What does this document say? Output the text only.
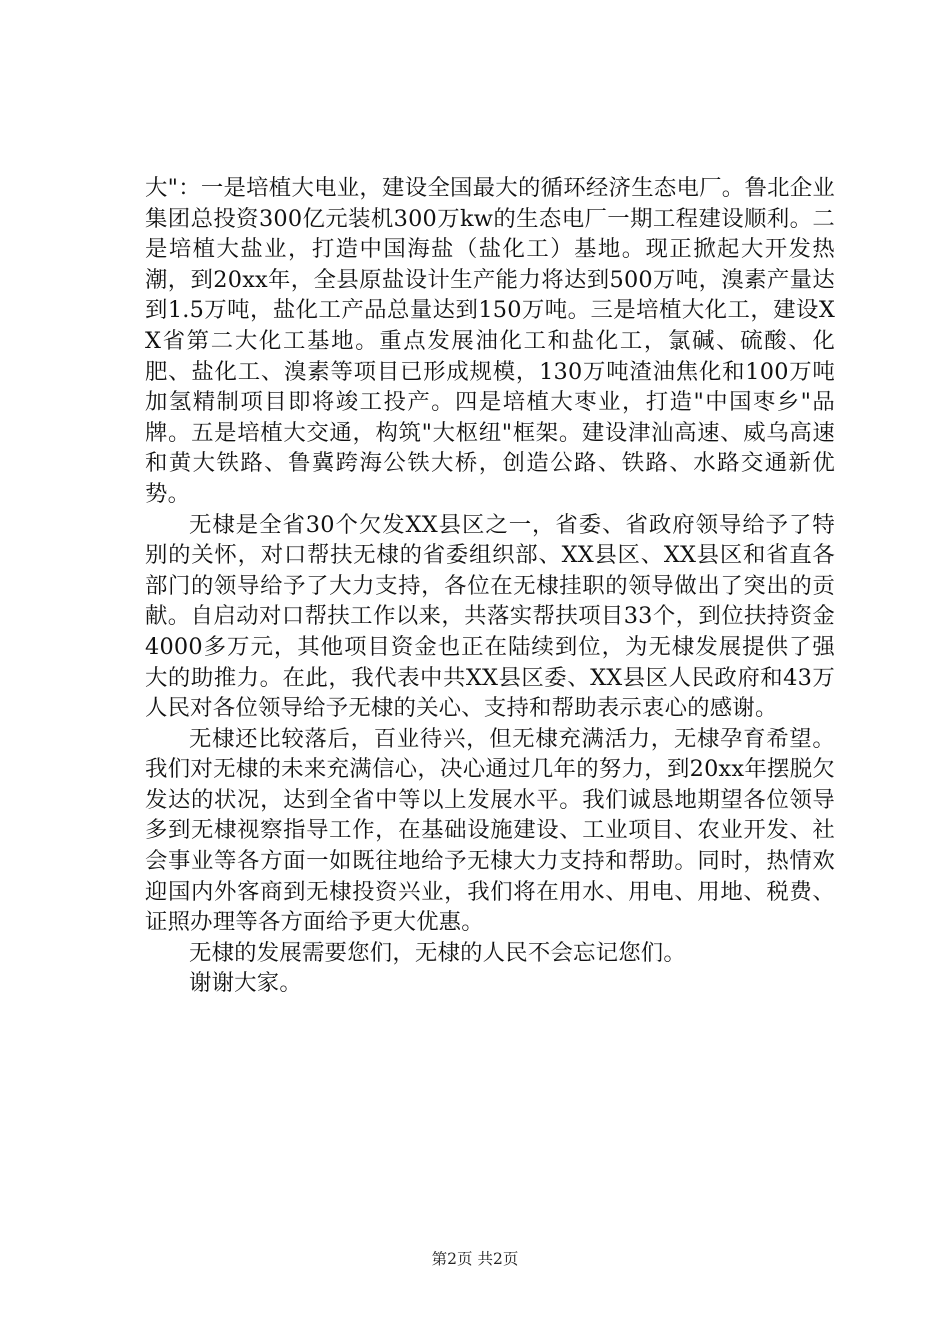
大"：一是培植大电业，建设全国最大的循环经济生态电厂。鲁北企业集团总投资300亿元装机300万kw的生态电厂一期工程建设顺利。二是培植大盐业，打造中国海盐（盐化工）基地。现正掀起大开发热潮，到20xx年，全县原盐设计生产能力将达到500万吨，溴素产量达到1.5万吨，盐化工产品总量达到150万吨。三是培植大化工，建设XX省第二大化工基地。重点发展油化工和盐化工，氯碱、硫酸、化肥、盐化工、溴素等项目已形成规模，130万吨渣油焦化和100万吨加氢精制项目即将竣工投产。四是培植大枣业，打造"中国枣乡"品牌。五是培植大交通，构筑"大枢纽"框架。建设津汕高速、威乌高速和黄大铁路、鲁冀跨海公铁大桥，创造公路、铁路、水路交通新优势。

无棣是全省30个欠发XX县区之一，省委、省政府领导给予了特别的关怀，对口帮扶无棣的省委组织部、XX县区、XX县区和省直各部门的领导给予了大力支持，各位在无棣挂职的领导做出了突出的贡献。自启动对口帮扶工作以来，共落实帮扶项目33个，到位扶持资金4000多万元，其他项目资金也正在陆续到位，为无棣发展提供了强大的助推力。在此，我代表中共XX县区委、XX县区人民政府和43万人民对各位领导给予无棣的关心、支持和帮助表示衷心的感谢。

无棣还比较落后，百业待兴，但无棣充满活力，无棣孕育希望。我们对无棣的未来充满信心，决心通过几年的努力，到20xx年摆脱欠发达的状况，达到全省中等以上发展水平。我们诚恳地期望各位领导多到无棣视察指导工作，在基础设施建设、工业项目、农业开发、社会事业等各方面一如既往地给予无棣大力支持和帮助。同时，热情欢迎国内外客商到无棣投资兴业，我们将在用水、用电、用地、税费、证照办理等各方面给予更大优惠。

无棣的发展需要您们，无棣的人民不会忘记您们。

谢谢大家。

第2页 共2页
